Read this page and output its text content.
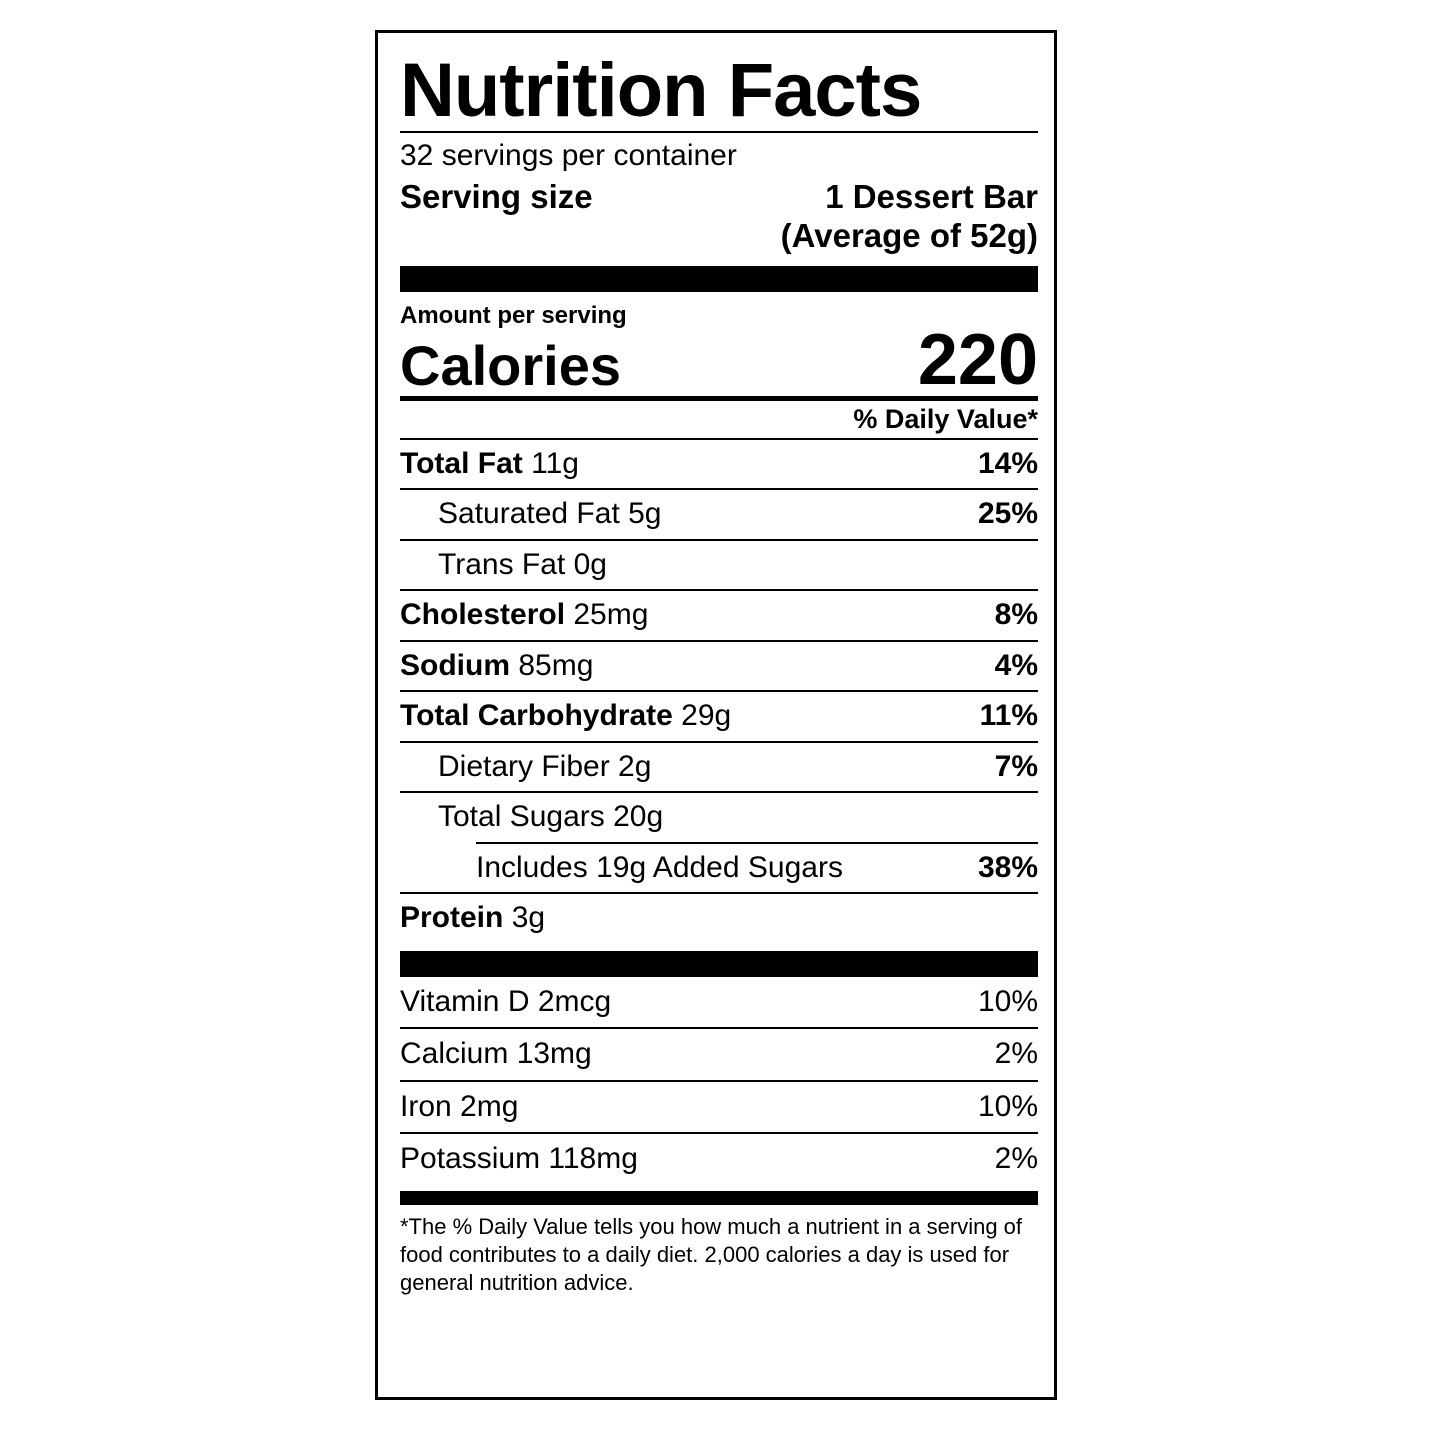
Nutrition Facts
32 servings per container
Serving size	1 Dessert Bar
(Average of 52g)
Amount per serving
Calories	220
% Daily Value*
Total Fat 11g	14%
Saturated Fat 5g	25%
Trans Fat 0g
Cholesterol 25mg	8%
Sodium 85mg	4%
Total Carbohydrate 29g	11%
Dietary Fiber 2g	7%
Total Sugars 20g
Includes 19g Added Sugars	38%
Protein 3g
Vitamin D 2mcg	10%
Calcium 13mg	2%
Iron 2mg	10%
Potassium 118mg	2%
*The % Daily Value tells you how much a nutrient in a serving of food contributes to a daily diet. 2,000 calories a day is used for general nutrition advice.
